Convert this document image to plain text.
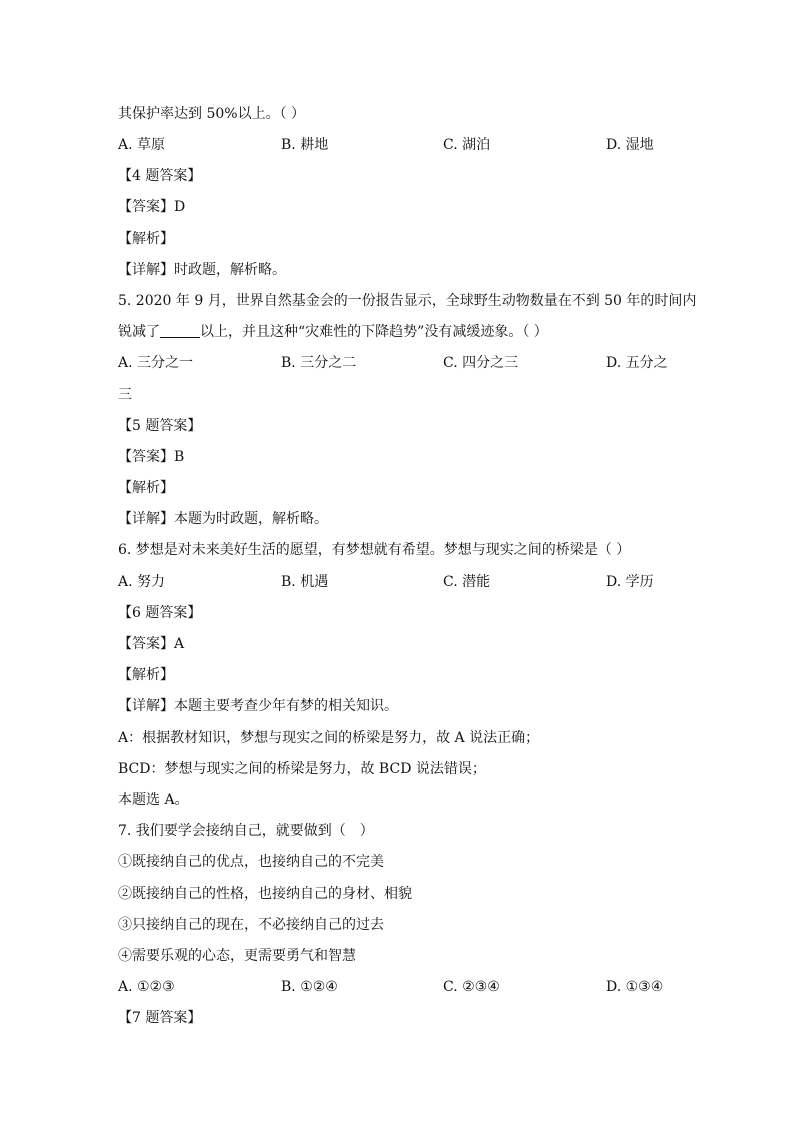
其保护率达到 50%以上。（ ）
A. 草原	B. 耕地	C. 湖泊	D. 湿地
【4 题答案】
【答案】D
【解析】
【详解】时政题，解析略。
5. 2020 年 9 月，世界自然基金会的一份报告显示，全球野生动物数量在不到 50 年的时间内
锐减了	以上，并且这种“灾难性的下降趋势”没有减缓迹象。（ ）
A. 三分之一	B. 三分之二	C. 四分之三	D. 五分之
三
【5 题答案】
【答案】B
【解析】
【详解】本题为时政题，解析略。
6. 梦想是对未来美好生活的愿望，有梦想就有希望。梦想与现实之间的桥梁是（ ）
A. 努力	B. 机遇	C. 潜能	D. 学历
【6 题答案】
【答案】A
【解析】
【详解】本题主要考查少年有梦的相关知识。
A：根据教材知识，梦想与现实之间的桥梁是努力，故 A 说法正确；
BCD：梦想与现实之间的桥梁是努力，故 BCD 说法错误；
本题选 A。
7. 我们要学会接纳自己，就要做到（　）
①既接纳自己的优点，也接纳自己的不完美
②既接纳自己的性格，也接纳自己的身材、相貌
③只接纳自己的现在，不必接纳自己的过去
④需要乐观的心态，更需要勇气和智慧
A. ①②③	B. ①②④	C. ②③④	D. ①③④
【7 题答案】
